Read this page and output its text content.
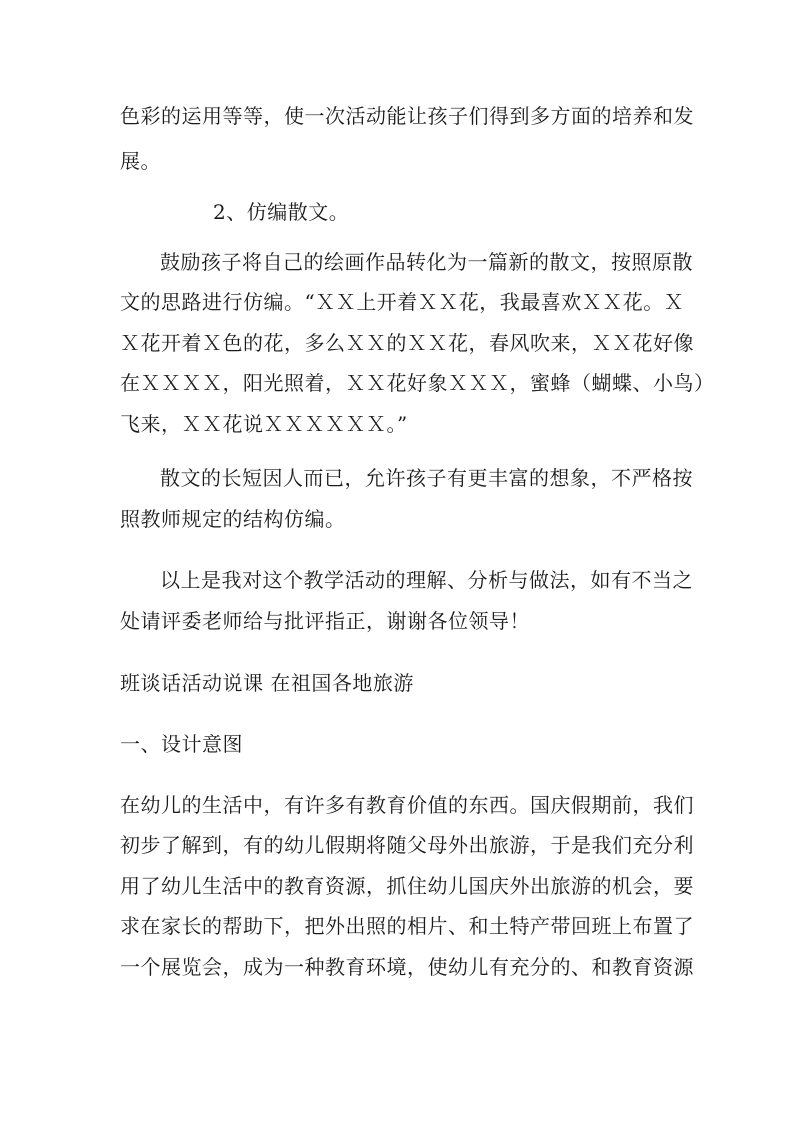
色彩的运用等等，使一次活动能让孩子们得到多方面的培养和发
展。
2、仿编散文。
鼓励孩子将自己的绘画作品转化为一篇新的散文，按照原散
文的思路进行仿编。“ＸＸ上开着ＸＸ花，我最喜欢ＸＸ花。Ｘ
Ｘ花开着Ｘ色的花，多么ＸＸ的ＸＸ花，春风吹来，ＸＸ花好像
在ＸＸＸＸ，阳光照着，ＸＸ花好象ＸＸＸ，蜜蜂（蝴蝶、小鸟）
飞来，ＸＸ花说ＸＸＸＸＸＸ。”
散文的长短因人而已，允许孩子有更丰富的想象，不严格按
照教师规定的结构仿编。
以上是我对这个教学活动的理解、分析与做法，如有不当之
处请评委老师给与批评指正，谢谢各位领导！
班谈话活动说课 在祖国各地旅游
一、设计意图
在幼儿的生活中，有许多有教育价值的东西。国庆假期前，我们
初步了解到，有的幼儿假期将随父母外出旅游，于是我们充分利
用了幼儿生活中的教育资源，抓住幼儿国庆外出旅游的机会，要
求在家长的帮助下，把外出照的相片、和土特产带回班上布置了
一个展览会，成为一种教育环境，使幼儿有充分的、和教育资源
